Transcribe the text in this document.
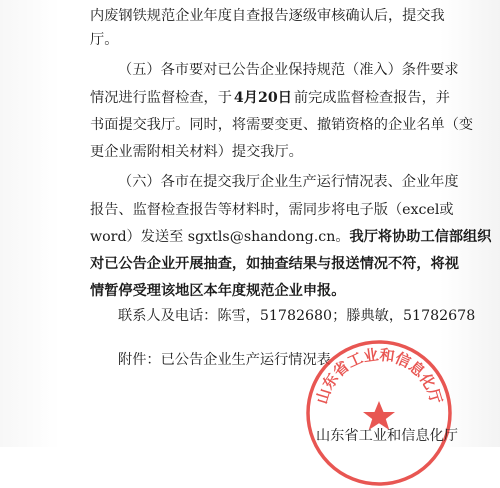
内废钢铁规范企业年度自查报告逐级审核确认后，提交我
厅。
（五）各市要对已公告企业保持规范（准入）条件要求
情况进行监督检查，于 4月20日 前完成监督检查报告，并
书面提交我厅。同时，将需要变更、撤销资格的企业名单（变
更企业需附相关材料）提交我厅。
（六）各市在提交我厅企业生产运行情况表、企业年度
报告、监督检查报告等材料时，需同步将电子版（excel或
word）发送至 sgxtls@shandong.cn。我厅将协助工信部组织
对已公告企业开展抽查，如抽查结果与报送情况不符，将视
情暂停受理该地区本年度规范企业申报。
联系人及电话：陈雪，51782680；滕典敏，51782678
附件：已公告企业生产运行情况表
山东省工业和信息化厅
山东省工业和信息化厅
